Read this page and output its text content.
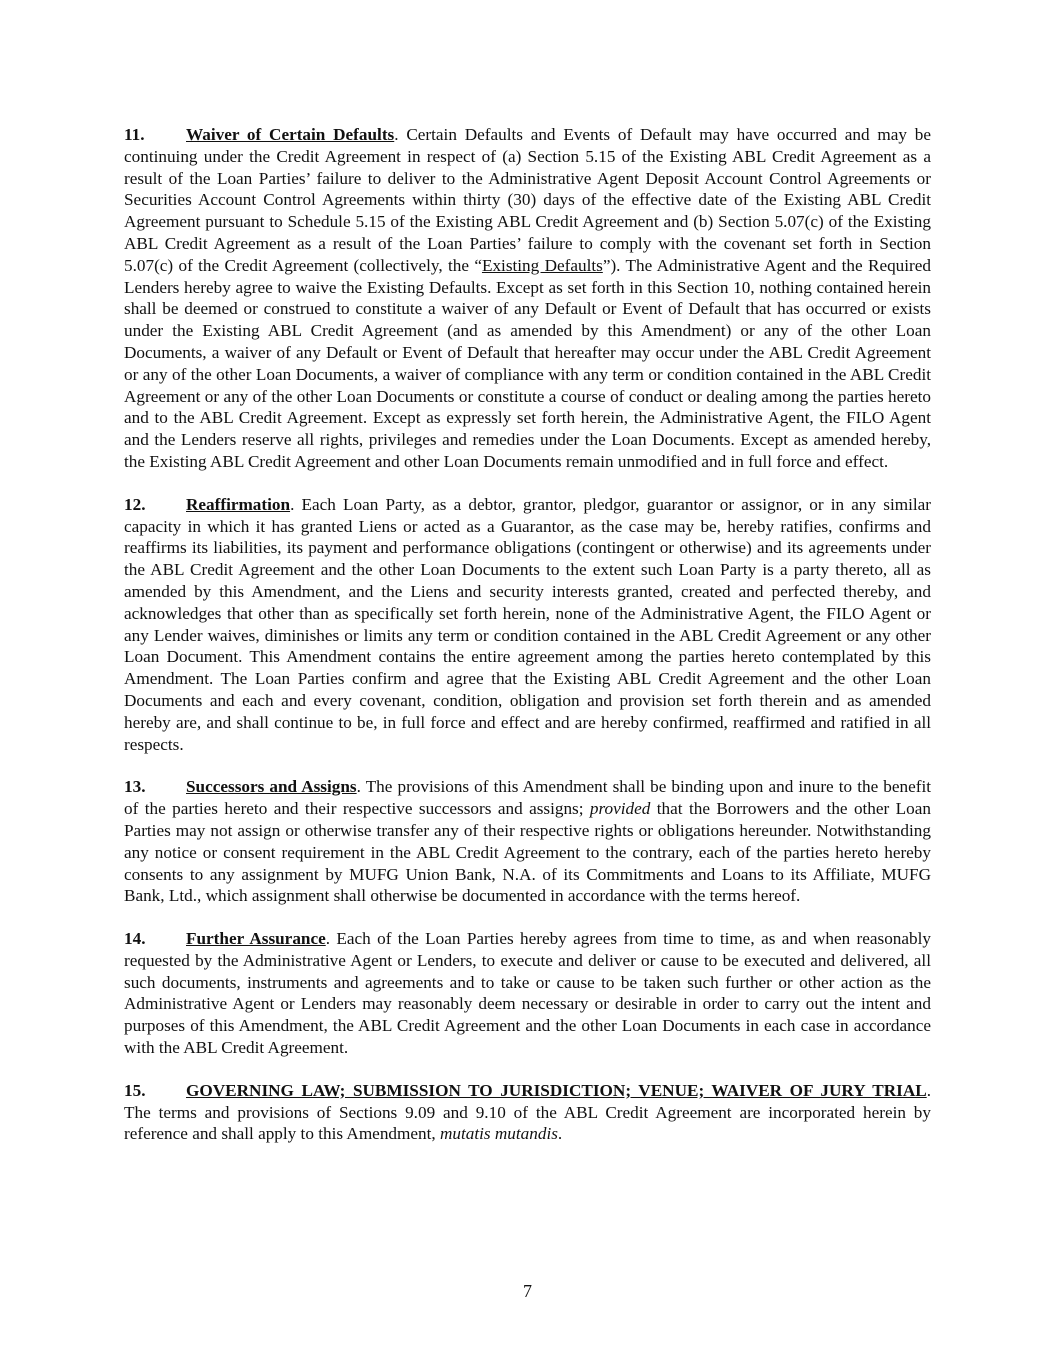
11. Waiver of Certain Defaults. Certain Defaults and Events of Default may have occurred and may be continuing under the Credit Agreement in respect of (a) Section 5.15 of the Existing ABL Credit Agreement as a result of the Loan Parties’ failure to deliver to the Administrative Agent Deposit Account Control Agreements or Securities Account Control Agreements within thirty (30) days of the effective date of the Existing ABL Credit Agreement pursuant to Schedule 5.15 of the Existing ABL Credit Agreement and (b) Section 5.07(c) of the Existing ABL Credit Agreement as a result of the Loan Parties’ failure to comply with the covenant set forth in Section 5.07(c) of the Credit Agreement (collectively, the “Existing Defaults”). The Administrative Agent and the Required Lenders hereby agree to waive the Existing Defaults. Except as set forth in this Section 10, nothing contained herein shall be deemed or construed to constitute a waiver of any Default or Event of Default that has occurred or exists under the Existing ABL Credit Agreement (and as amended by this Amendment) or any of the other Loan Documents, a waiver of any Default or Event of Default that hereafter may occur under the ABL Credit Agreement or any of the other Loan Documents, a waiver of compliance with any term or condition contained in the ABL Credit Agreement or any of the other Loan Documents or constitute a course of conduct or dealing among the parties hereto and to the ABL Credit Agreement. Except as expressly set forth herein, the Administrative Agent, the FILO Agent and the Lenders reserve all rights, privileges and remedies under the Loan Documents. Except as amended hereby, the Existing ABL Credit Agreement and other Loan Documents remain unmodified and in full force and effect.

12. Reaffirmation. Each Loan Party, as a debtor, grantor, pledgor, guarantor or assignor, or in any similar capacity in which it has granted Liens or acted as a Guarantor, as the case may be, hereby ratifies, confirms and reaffirms its liabilities, its payment and performance obligations (contingent or otherwise) and its agreements under the ABL Credit Agreement and the other Loan Documents to the extent such Loan Party is a party thereto, all as amended by this Amendment, and the Liens and security interests granted, created and perfected thereby, and acknowledges that other than as specifically set forth herein, none of the Administrative Agent, the FILO Agent or any Lender waives, diminishes or limits any term or condition contained in the ABL Credit Agreement or any other Loan Document. This Amendment contains the entire agreement among the parties hereto contemplated by this Amendment. The Loan Parties confirm and agree that the Existing ABL Credit Agreement and the other Loan Documents and each and every covenant, condition, obligation and provision set forth therein and as amended hereby are, and shall continue to be, in full force and effect and are hereby confirmed, reaffirmed and ratified in all respects.

13. Successors and Assigns. The provisions of this Amendment shall be binding upon and inure to the benefit of the parties hereto and their respective successors and assigns; provided that the Borrowers and the other Loan Parties may not assign or otherwise transfer any of their respective rights or obligations hereunder. Notwithstanding any notice or consent requirement in the ABL Credit Agreement to the contrary, each of the parties hereto hereby consents to any assignment by MUFG Union Bank, N.A. of its Commitments and Loans to its Affiliate, MUFG Bank, Ltd., which assignment shall otherwise be documented in accordance with the terms hereof.

14. Further Assurance. Each of the Loan Parties hereby agrees from time to time, as and when reasonably requested by the Administrative Agent or Lenders, to execute and deliver or cause to be executed and delivered, all such documents, instruments and agreements and to take or cause to be taken such further or other action as the Administrative Agent or Lenders may reasonably deem necessary or desirable in order to carry out the intent and purposes of this Amendment, the ABL Credit Agreement and the other Loan Documents in each case in accordance with the ABL Credit Agreement.

15. GOVERNING LAW; SUBMISSION TO JURISDICTION; VENUE; WAIVER OF JURY TRIAL. The terms and provisions of Sections 9.09 and 9.10 of the ABL Credit Agreement are incorporated herein by reference and shall apply to this Amendment, mutatis mutandis.

7
